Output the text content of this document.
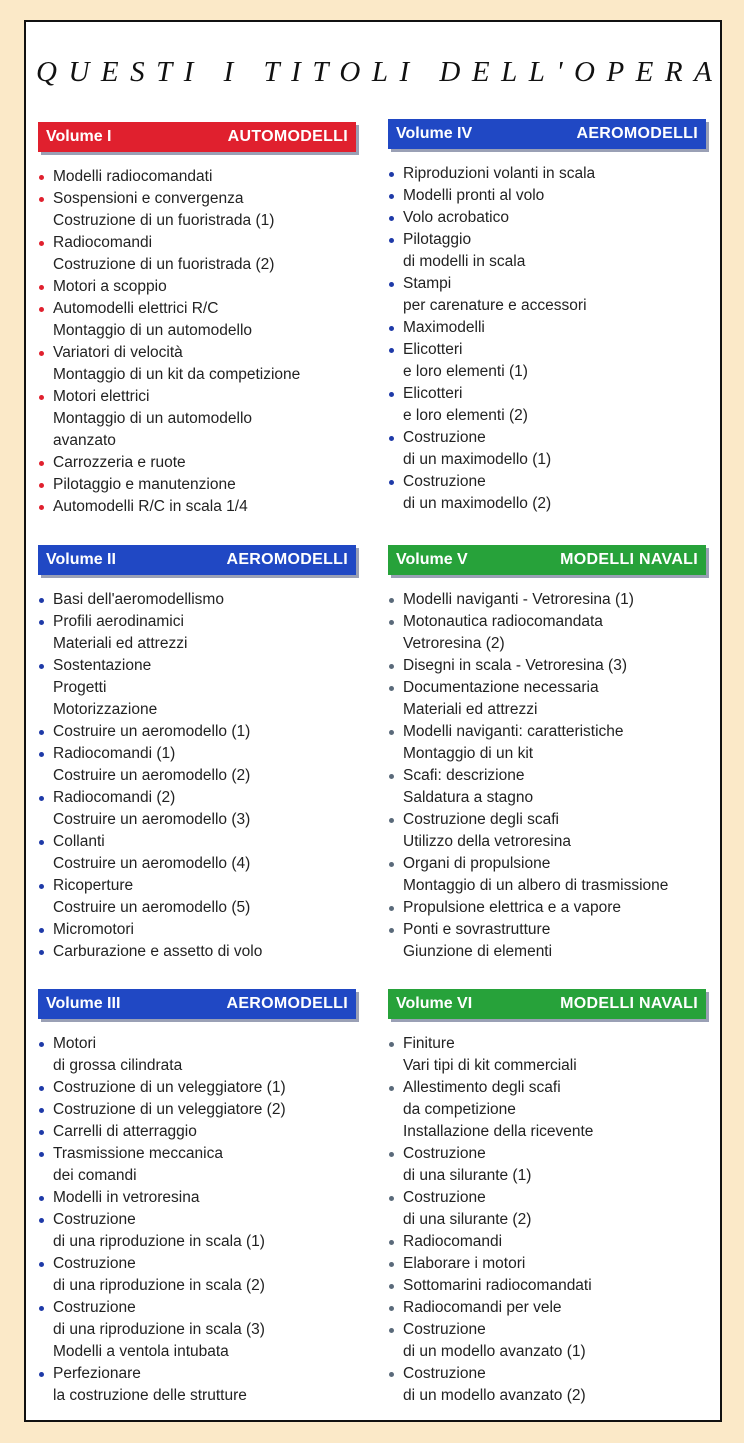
QUESTI I TITOLI DELL'OPERA
Volume I	AUTOMODELLI
Modelli radiocomandati
Sospensioni e convergenza
Costruzione di un fuoristrada (1)
Radiocomandi
Costruzione di un fuoristrada (2)
Motori a scoppio
Automodelli elettrici R/C
Montaggio di un automodello
Variatori di velocità
Montaggio di un kit da competizione
Motori elettrici
Montaggio di un automodello
avanzato
Carrozzeria e ruote
Pilotaggio e manutenzione
Automodelli R/C in scala 1/4
Volume II	AEROMODELLI
Basi dell'aeromodellismo
Profili aerodinamici
Materiali ed attrezzi
Sostentazione
Progetti
Motorizzazione
Costruire un aeromodello (1)
Radiocomandi (1)
Costruire un aeromodello (2)
Radiocomandi (2)
Costruire un aeromodello (3)
Collanti
Costruire un aeromodello (4)
Ricoperture
Costruire un aeromodello (5)
Micromotori
Carburazione e assetto di volo
Volume III	AEROMODELLI
Motori
di grossa cilindrata
Costruzione di un veleggiatore (1)
Costruzione di un veleggiatore (2)
Carrelli di atterraggio
Trasmissione meccanica
dei comandi
Modelli in vetroresina
Costruzione
di una riproduzione in scala (1)
Costruzione
di una riproduzione in scala (2)
Costruzione
di una riproduzione in scala (3)
Modelli a ventola intubata
Perfezionare
la costruzione delle strutture
Volume IV	AEROMODELLI
Riproduzioni volanti in scala
Modelli pronti al volo
Volo acrobatico
Pilotaggio
di modelli in scala
Stampi
per carenature e accessori
Maximodelli
Elicotteri
e loro elementi (1)
Elicotteri
e loro elementi (2)
Costruzione
di un maximodello (1)
Costruzione
di un maximodello (2)
Volume V	MODELLI NAVALI
Modelli naviganti - Vetroresina (1)
Motonautica radiocomandata
Vetroresina (2)
Disegni in scala - Vetroresina (3)
Documentazione necessaria
Materiali ed attrezzi
Modelli naviganti: caratteristiche
Montaggio di un kit
Scafi: descrizione
Saldatura a stagno
Costruzione degli scafi
Utilizzo della vetroresina
Organi di propulsione
Montaggio di un albero di trasmissione
Propulsione elettrica e a vapore
Ponti e sovrastrutture
Giunzione di elementi
Volume VI	MODELLI NAVALI
Finiture
Vari tipi di kit commerciali
Allestimento degli scafi
da competizione
Installazione della ricevente
Costruzione
di una silurante (1)
Costruzione
di una silurante (2)
Radiocomandi
Elaborare i motori
Sottomarini radiocomandati
Radiocomandi per vele
Costruzione
di un modello avanzato (1)
Costruzione
di un modello avanzato (2)
